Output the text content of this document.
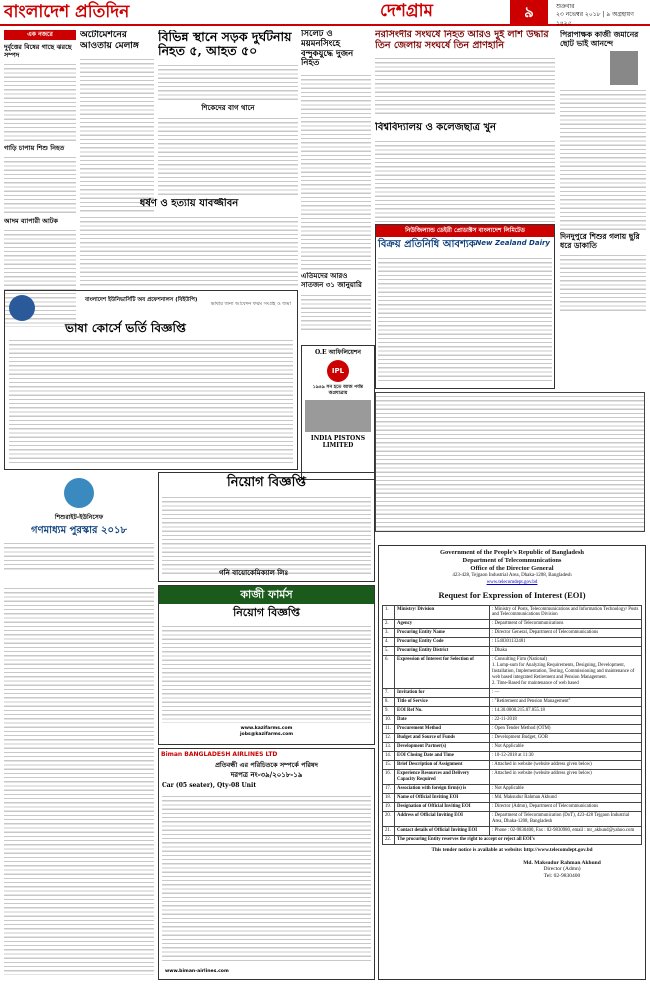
বাংলাদেশ প্রতিদিন	দেশগ্রাম	৯	শুক্রবার
২৩ নভেম্বর ২০১৮ | ৯ অগ্রহায়ণ ১৪২৫
এক নজরে
দুর্বৃত্তের বিষের গাছে ঝরছে সম্পদ
গাড়ি চাপায় শিশু নিহত
আদম ব্যাপারী আটক
অটোমেশনের আওতায় মেলাঙ্গ
বিভিন্ন স্থানে সড়ক দুর্ঘটনায় নিহত ৫, আহত ৫০
শিকেদের বাগ থানে
সিলেট ও ময়মনসিংহে বন্দুকযুদ্ধে দুজন নিহত
নরসিংদীর সংঘর্ষে নিহত আরও দুই লাশ উদ্ধার তিন জেলায় সংঘর্ষে তিন প্রাণহানি
পিরাপাক্ষক কাজী জমানের ছোট ভাই আনন্দে
বিশ্ববিদ্যালয় ও কলেজছাত্র খুন
দিনদুপুরে শিশুর গলায় ছুরি ধরে ডাকাতি
এতিমদের আরও সাতজন ৩১ জানুয়ারি
ধর্ষণ ও হত্যায় যাবজ্জীবন
নিউজিল্যান্ড ডেইরী প্রোডাক্টস বাংলাদেশ লিমিটেড
বিক্রয় প্রতিনিধি আবশ্যক New Zealand Dairy
বাংলাদেশ ইউনিভার্সিটি অব প্রফেশনালস (বিইউপি)
ভাষা কোর্সে ভর্তি বিজ্ঞপ্তি
ভাষার জন্য আবেদন ফরম সংগ্রহ ও জমা
O.E আফিলিয়েশন
IPL
১৯৪৯ সন হতে আজ পর্যন্ত অগ্রযাত্রায়
INDIA PISTONS LIMITED
নিয়োগ বিজ্ঞপ্তি
গনি বায়োকেমিক্যাল লিঃ
শিশুরাইট-ইউনিসেফ
গণমাধ্যম পুরস্কার ২০১৮
কাজী ফার্মস
নিয়োগ বিজ্ঞপ্তি
www.kazifarms.com
jobs@kazifarms.com
Biman BANGLADESH AIRLINES LTD
প্রতিবন্ধী এর পরিচিতকে সম্পর্কে পরিষদ
দরপত্র নং-৩৯/২০১৮-১৯
Car (05 seater), Qty-08 Unit
www.biman-airlines.com
Government of the People's Republic of Bangladesh
Department of Telecommunications
Office of the Director General
423-428, Tejgaon Industrial Area, Dhaka-1208, Bangladesh
www.telecomdept.gov.bd
Request for Expression of Interest (EOI)
1.	Ministry/ Division	: Ministry of Posts, Telecommunications and Information Technology/ Posts and Telecommunications Division
2.	Agency	: Department of Telecommunications
3.	Procuring Entity Name	: Director General, Department of Telecommunications
4.	Procuring Entity Code	: 1540301132481
5.	Procuring Entity District	: Dhaka
6.	Expression of Interest for Selection of	: Consulting Firm (National)
1. Lump-sum for Analyzing Requirements, Designing, Development, Installation, Implementation, Testing, Commissioning and maintenance of web based integrated Retirement and Pension Management.
2. Time-Based for maintenance of web based
7.	Invitation for	: —
8.	Title of Service	: "Retirement and Pension Management"
9.	EOI Ref No.	: 14.30.0000.215.07.055.18
10.	Date	: 22-11-2018
11.	Procurement Method	: Open Tender Method (OTM)
12.	Budget and Source of Funds	: Development Budget, GOB
13.	Development Partner(s)	: Not Applicable
14.	EOI Closing Date and Time	: 10-12-2018 at 11:30
15.	Brief Description of Assignment	: Attached in website (website address given below)
16.	Experience Resources and Delivery Capacity Required	: Attached in website (website address given below)
17.	Association with foreign firm(s) is	: Not Applicable
18.	Name of Official Inviting EOI	: Md. Maksudur Rahman Akhund
19.	Designation of Official Inviting EOI	: Director (Admn), Department of Telecommunications
20.	Address of Official Inviting EOI	: Department of Telecommunication (DoT), 423-428 Tejgaon Industrial Area, Dhaka-1208, Bangladesh
21.	Contact details of Official Inviting EOI	: Phone : 02-9830400, Fax : 02-9830980, email : mr_akhund@yahoo.com
22.	The procuring Entity reserves the right to accept or reject all EOI's	
This tender notice is available at website: http://www.telecomdept.gov.bd
Md. Maksudur Rahman Akhund
Director (Admn)
Tel: 02-9830400
